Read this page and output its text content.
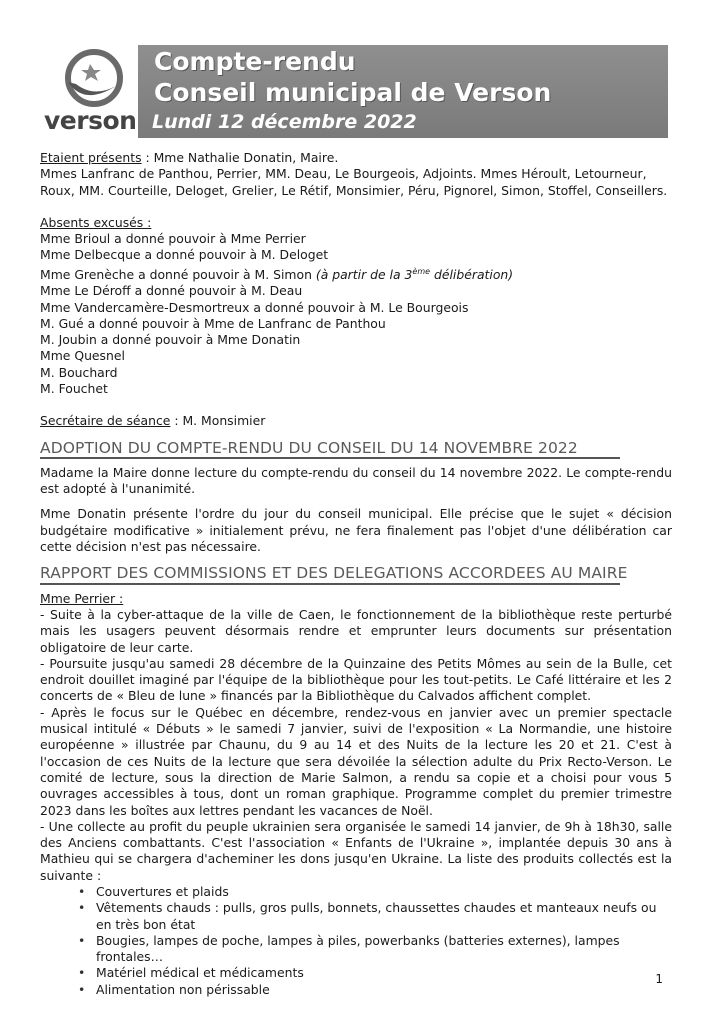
verson
Compte-rendu
Conseil municipal de Verson
Lundi 12 décembre 2022

Etaient présents : Mme Nathalie Donatin, Maire.

Mmes Lanfranc de Panthou, Perrier, MM. Deau, Le Bourgeois, Adjoints. Mmes Héroult, Letourneur, Roux, MM. Courteille, Deloget, Grelier, Le Rétif, Monsimier, Péru, Pignorel, Simon, Stoffel, Conseillers.

Absents excusés :

Mme Brioul a donné pouvoir à Mme Perrier

Mme Delbecque a donné pouvoir à M. Deloget

Mme Grenèche a donné pouvoir à M. Simon (à partir de la 3ème délibération)

Mme Le Déroff a donné pouvoir à M. Deau

Mme Vandercamère-Desmortreux a donné pouvoir à M. Le Bourgeois

M. Gué a donné pouvoir à Mme de Lanfranc de Panthou

M. Joubin a donné pouvoir à Mme Donatin

Mme Quesnel

M. Bouchard

M. Fouchet

Secrétaire de séance : M. Monsimier

ADOPTION DU COMPTE-RENDU DU CONSEIL DU 14 NOVEMBRE 2022

Madame la Maire donne lecture du compte-rendu du conseil du 14 novembre 2022. Le compte-rendu est adopté à l'unanimité.

Mme Donatin présente l'ordre du jour du conseil municipal. Elle précise que le sujet « décision budgétaire modificative » initialement prévu, ne fera finalement pas l'objet d'une délibération car cette décision n'est pas nécessaire.

RAPPORT DES COMMISSIONS ET DES DELEGATIONS ACCORDEES AU MAIRE

Mme Perrier :

- Suite à la cyber-attaque de la ville de Caen, le fonctionnement de la bibliothèque reste perturbé mais les usagers peuvent désormais rendre et emprunter leurs documents sur présentation obligatoire de leur carte.

- Poursuite jusqu'au samedi 28 décembre de la Quinzaine des Petits Mômes au sein de la Bulle, cet endroit douillet imaginé par l'équipe de la bibliothèque pour les tout-petits. Le Café littéraire et les 2 concerts de « Bleu de lune » financés par la Bibliothèque du Calvados affichent complet.

- Après le focus sur le Québec en décembre, rendez-vous en janvier avec un premier spectacle musical intitulé « Débuts » le samedi 7 janvier, suivi de l'exposition « La Normandie, une histoire européenne » illustrée par Chaunu, du 9 au 14 et des Nuits de la lecture les 20 et 21. C'est à l'occasion de ces Nuits de la lecture que sera dévoilée la sélection adulte du Prix Recto-Verson. Le comité de lecture, sous la direction de Marie Salmon, a rendu sa copie et a choisi pour vous 5 ouvrages accessibles à tous, dont un roman graphique. Programme complet du premier trimestre 2023 dans les boîtes aux lettres pendant les vacances de Noël.

- Une collecte au profit du peuple ukrainien sera organisée le samedi 14 janvier, de 9h à 18h30, salle des Anciens combattants. C'est l'association « Enfants de l'Ukraine », implantée depuis 30 ans à Mathieu qui se chargera d'acheminer les dons jusqu'en Ukraine. La liste des produits collectés est la suivante :

• Couvertures et plaids
• Vêtements chauds : pulls, gros pulls, bonnets, chaussettes chaudes et manteaux neufs ou en très bon état
• Bougies, lampes de poche, lampes à piles, powerbanks (batteries externes), lampes frontales…
• Matériel médical et médicaments
• Alimentation non périssable
1
